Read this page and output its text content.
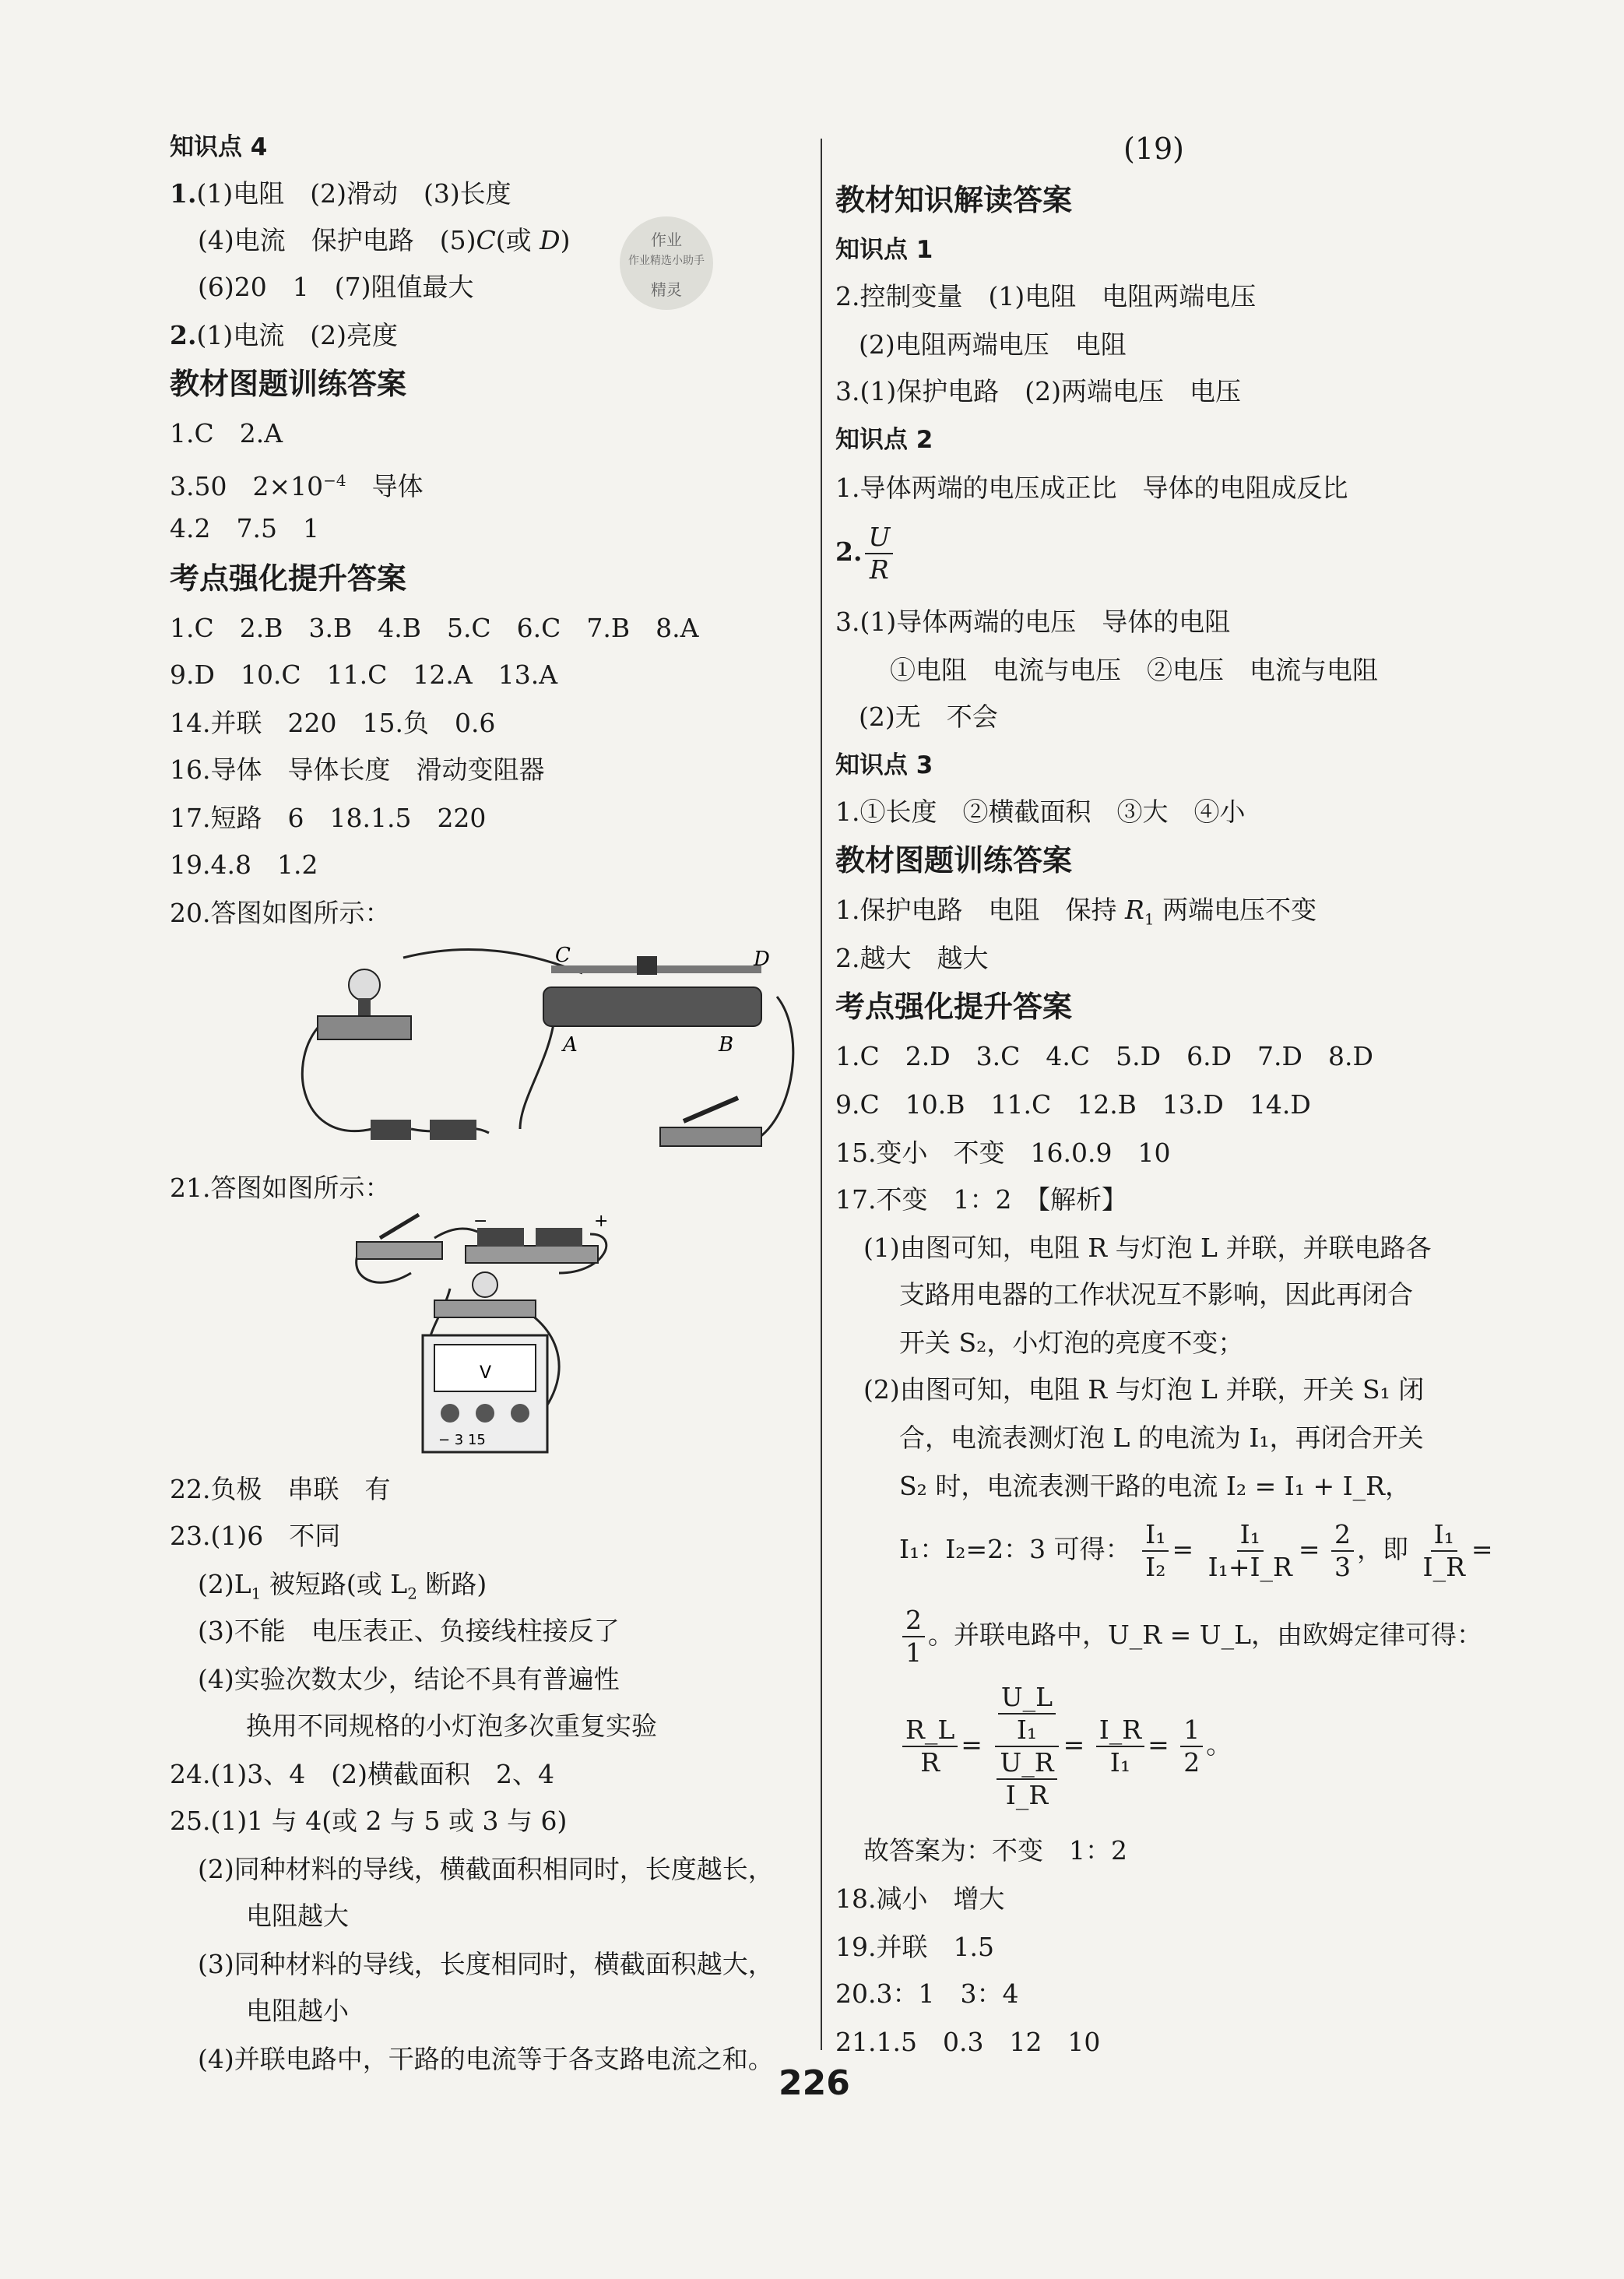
知识点 4
1.(1)电阻　(2)滑动　(3)长度
(4)电流　保护电路　(5)C(或 D)
(6)20　1　(7)阻值最大
2.(1)电流　(2)亮度
教材图题训练答案
1.C　2.A
3.50　$2\times 10^{-4}$　导体
4.2　7.5　1
考点强化提升答案
1.C　2.B　3.B　4.B　5.C　6.C　7.B　8.A
9.D　10.C　11.C　12.A　13.A
14.并联　220　15.负　0.6
16.导体　导体长度　滑动变阻器
17.短路　6　18.1.5　220
19.4.8　1.2
20.答图如图所示：
C	D
A	B
21.答图如图所示：
−	+
V
− 3 15
22.负极　串联　有
23.(1)6　不同
$(2)L_1$ 被短路(或 $L_2$ 断路)
(3)不能　电压表正、负接线柱接反了
(4)实验次数太少，结论不具有普遍性
换用不同规格的小灯泡多次重复实验
24.(1)3、4　(2)横截面积　2、4
25.(1)1 与 4(或 2 与 5 或 3 与 6)
(2)同种材料的导线，横截面积相同时，长度越长，
电阻越大
(3)同种材料的导线，长度相同时，横截面积越大，
电阻越小
(4)并联电路中，干路的电流等于各支路电流之和。
作业
作业精选小助手
精灵
(19)
教材知识解读答案
知识点 1
2.控制变量　(1)电阻　电阻两端电压
(2)电阻两端电压　电阻
3.(1)保护电路　(2)两端电压　电压
知识点 2
1.导体两端的电压成正比　导体的电阻成反比
2. $\frac{U}{R}$
3.(1)导体两端的电压　导体的电阻
①电阻　电流与电压　②电压　电流与电阻
(2)无　不会
知识点 3
1.①长度　②横截面积　③大　④小
教材图题训练答案
1.保护电路　电阻　保持 $R_1$ 两端电压不变
2.越大　越大
考点强化提升答案
1.C　2.D　3.C　4.C　5.D　6.D　7.D　8.D
9.C　10.B　11.C　12.B　13.D　14.D
15.变小　不变　16.0.9　10
17.不变　1：2　【解析】
(1)由图可知，电阻 R 与灯泡 L 并联，并联电路各
支路用电器的工作状况互不影响，因此再闭合
开关 S₂，小灯泡的亮度不变；
(2)由图可知，电阻 R 与灯泡 L 并联，开关 S₁ 闭
合，电流表测灯泡 L 的电流为 I₁，再闭合开关
S₂ 时，电流表测干路的电流 I₂ = I₁ + I_R，
I₁：I₂=2：3 可得： $\frac{\text{I₁}}{\text{I₂}} = \frac{\text{I₁}}{\text{I₁+I\_R}} = \frac{2}{3}$ ，即 $\frac{\text{I₁}}{I\_R}$ =
$\frac{2}{1}$ 。并联电路中，U_R = U_L，由欧姆定律可得：
$\frac{R\_L}{R} = \frac{\frac{U\_L}{\text{I₁}}}{\frac{U\_R}{I\_R}} = \frac{I\_R}{\text{I₁}} = \frac{1}{2}$ 。
故答案为：不变　1：2
18.减小　增大
19.并联　1.5
20.3：1　3：4
21.1.5　0.3　12　10
226
